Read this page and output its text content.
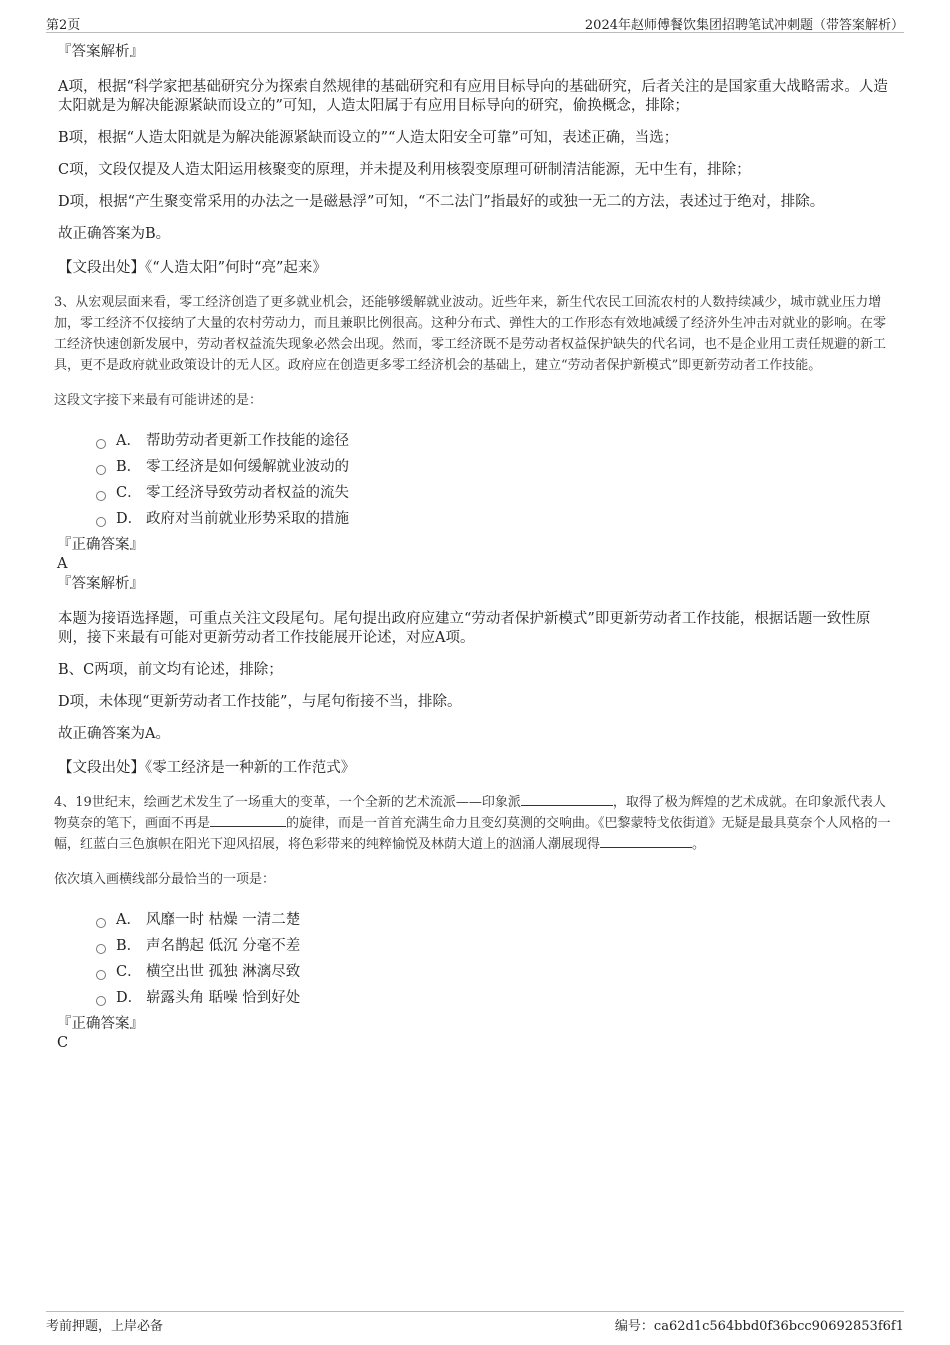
第2页	2024年赵师傅餐饮集团招聘笔试冲刺题（带答案解析）
『答案解析』
A项，根据“科学家把基础研究分为探索自然规律的基础研究和有应用目标导向的基础研究，后者关注的是国家重大战略需求。人造太阳就是为解决能源紧缺而设立的”可知，人造太阳属于有应用目标导向的研究，偷换概念，排除；
B项，根据“人造太阳就是为解决能源紧缺而设立的”“人造太阳安全可靠”可知，表述正确，当选；
C项，文段仅提及人造太阳运用核聚变的原理，并未提及利用核裂变原理可研制清洁能源，无中生有，排除；
D项，根据“产生聚变常采用的办法之一是磁悬浮”可知，“不二法门”指最好的或独一无二的方法，表述过于绝对，排除。
故正确答案为B。
【文段出处】《“人造太阳”何时“亮”起来》
3、从宏观层面来看，零工经济创造了更多就业机会，还能够缓解就业波动。近些年来，新生代农民工回流农村的人数持续减少，城市就业压力增加，零工经济不仅接纳了大量的农村劳动力，而且兼职比例很高。这种分布式、弹性大的工作形态有效地减缓了经济外生冲击对就业的影响。在零工经济快速创新发展中，劳动者权益流失现象必然会出现。然而，零工经济既不是劳动者权益保护缺失的代名词，也不是企业用工责任规避的新工具，更不是政府就业政策设计的无人区。政府应在创造更多零工经济机会的基础上，建立“劳动者保护新模式”即更新劳动者工作技能。
这段文字接下来最有可能讲述的是：
A． 帮助劳动者更新工作技能的途径
B． 零工经济是如何缓解就业波动的
C． 零工经济导致劳动者权益的流失
D． 政府对当前就业形势采取的措施
『正确答案』
A
『答案解析』
本题为接语选择题，可重点关注文段尾句。尾句提出政府应建立“劳动者保护新模式”即更新劳动者工作技能，根据话题一致性原则，接下来最有可能对更新劳动者工作技能展开论述，对应A项。
B、C两项，前文均有论述，排除；
D项，未体现“更新劳动者工作技能”，与尾句衔接不当，排除。
故正确答案为A。
【文段出处】《零工经济是一种新的工作范式》
4、19世纪末，绘画艺术发生了一场重大的变革，一个全新的艺术流派——印象派	，取得了极为辉煌的艺术成就。在印象派代表人物莫奈的笔下，画面不再是	的旋律，而是一首首充满生命力且变幻莫测的交响曲。《巴黎蒙特戈依街道》无疑是最具莫奈个人风格的一幅，红蓝白三色旗帜在阳光下迎风招展，将色彩带来的纯粹愉悦及林荫大道上的汹涌人潮展现得	。
依次填入画横线部分最恰当的一项是：
A． 风靡一时 枯燥 一清二楚
B． 声名鹊起 低沉 分毫不差
C． 横空出世 孤独 淋漓尽致
D． 崭露头角 聒噪 恰到好处
『正确答案』
C
考前押题，上岸必备	编号：ca62d1c564bbd0f36bcc90692853f6f1
